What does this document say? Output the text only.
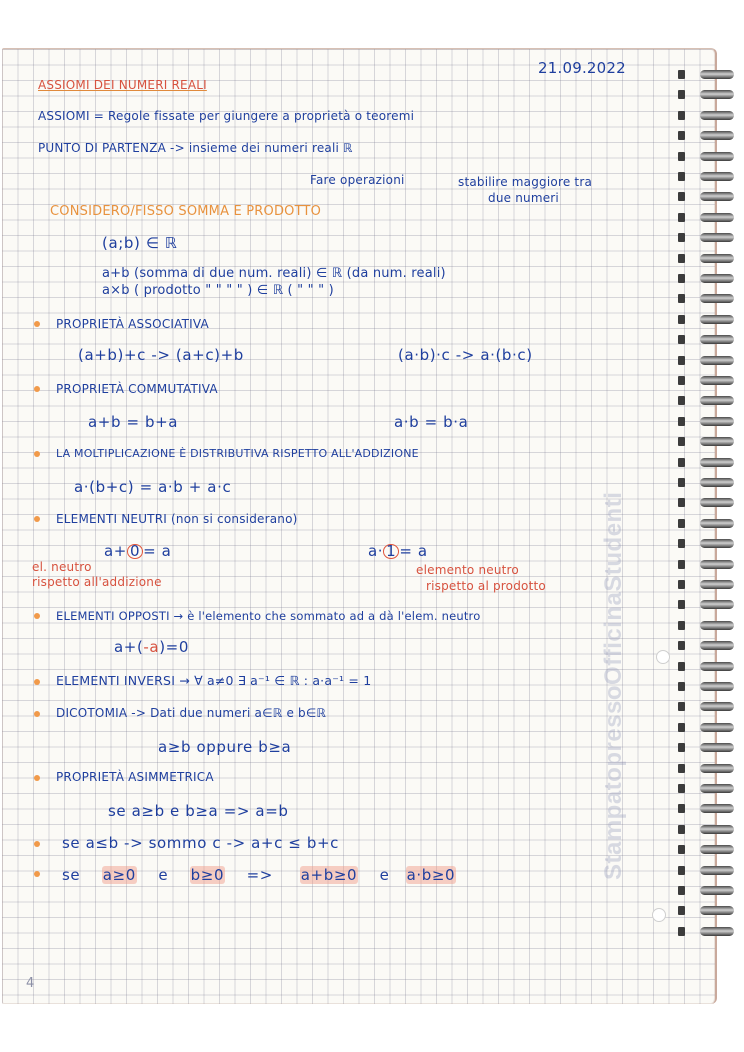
21.09.2022
ASSIOMI DEI NUMERI REALI
ASSIOMI = Regole fissate per giungere a proprietà o teoremi
PUNTO DI PARTENZA -> insieme dei numeri reali ℝ
Fare operazioni	stabilire maggiore tra
due numeri
CONSIDERO/FISSO SOMMA E PRODOTTO
(a;b) ∈ ℝ
a+b (somma di due num. reali) ∈ ℝ (da num. reali)
a×b ( prodotto " " " " ) ∈ ℝ ( " " " )
PROPRIETÀ ASSOCIATIVA
(a+b)+c -> (a+c)+b	(a·b)·c -> a·(b·c)
PROPRIETÀ COMMUTATIVA
a+b = b+a	a·b = b·a
LA MOLTIPLICAZIONE È DISTRIBUTIVA RISPETTO ALL'ADDIZIONE
a·(b+c) = a·b + a·c
ELEMENTI NEUTRI (non si considerano)
a+ 0 = a	a· 1 = a
el. neutro
rispetto all'addizione
elemento neutro
rispetto al prodotto
ELEMENTI OPPOSTI → è l'elemento che sommato ad a dà l'elem. neutro
a+(-a)=0
ELEMENTI INVERSI → ∀ a≠0 ∃ a⁻¹ ∈ ℝ : a·a⁻¹ = 1
DICOTOMIA -> Dati due numeri a∈ℝ e b∈ℝ
a≥b oppure b≥a
PROPRIETÀ ASIMMETRICA
se a≥b e b≥a => a=b
se a≤b -> sommo c -> a+c ≤ b+c
se a≥0 e b≥0 => a+b≥0 e a·b≥0
4
StampatopressoOfficinaStudenti
